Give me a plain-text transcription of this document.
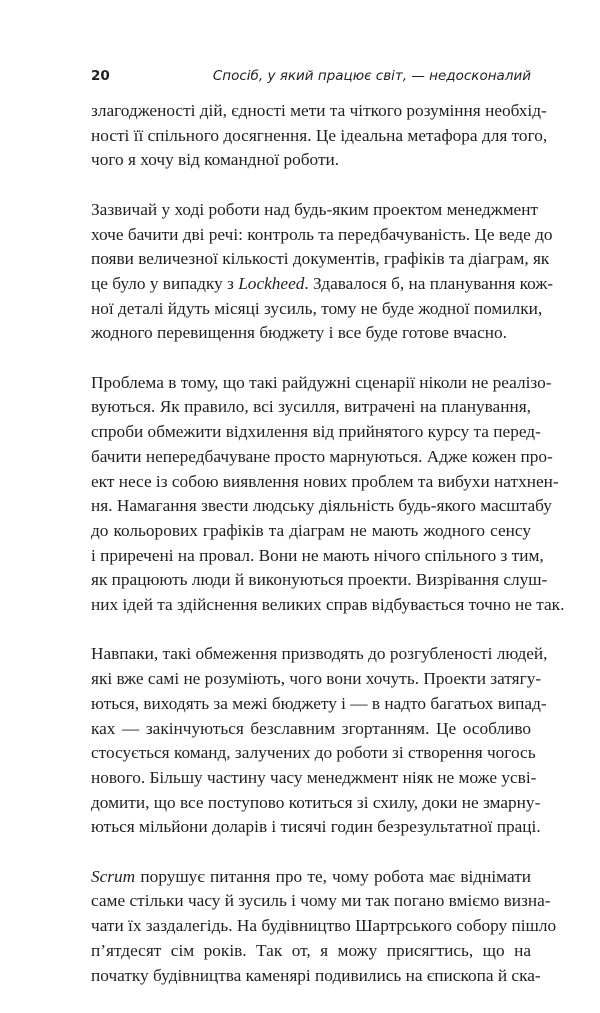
20	Спосіб, у який працює світ, — недосконалий

злагодженості дій, єдності мети та чіткого розуміння необхід-
ності її спільного досягнення. Це ідеальна метафора для того,
чого я хочу від командної роботи.

Зазвичай у ході роботи над будь-яким проектом менеджмент
хоче бачити дві речі: контроль та передбачуваність. Це веде до
появи величезної кількості документів, графіків та діаграм, як
це було у випадку з Lockheed. Здавалося б, на планування кож-
ної деталі йдуть місяці зусиль, тому не буде жодної помилки,
жодного перевищення бюджету і все буде готове вчасно.

Проблема в тому, що такі райдужні сценарії ніколи не реалізо-
вуються. Як правило, всі зусилля, витрачені на планування,
спроби обмежити відхилення від прийнятого курсу та перед-
бачити непередбачуване просто марнуються. Адже кожен про-
ект несе із собою виявлення нових проблем та вибухи натхнен-
ня. Намагання звести людську діяльність будь-якого масштабу
до кольорових графіків та діаграм не мають жодного сенсу
і приречені на провал. Вони не мають нічого спільного з тим,
як працюють люди й виконуються проекти. Визрівання слуш-
них ідей та здійснення великих справ відбувається точно не так.

Навпаки, такі обмеження призводять до розгубленості людей,
які вже самі не розуміють, чого вони хочуть. Проекти затягу-
ються, виходять за межі бюджету і — в надто багатьох випад-
ках — закінчуються безславним згортанням. Це особливо
стосується команд, залучених до роботи зі створення чогось
нового. Більшу частину часу менеджмент ніяк не може усві-
домити, що все поступово котиться зі схилу, доки не змарну-
ються мільйони доларів і тисячі годин безрезультатної праці.

Scrum порушує питання про те, чому робота має віднімати
саме стільки часу й зусиль і чому ми так погано вміємо визна-
чати їх заздалегідь. На будівництво Шартрського собору пішло
п’ятдесят сім років. Так от, я можу присягтись, що на
початку будівництва каменярі подивились на єпископа й ска-
